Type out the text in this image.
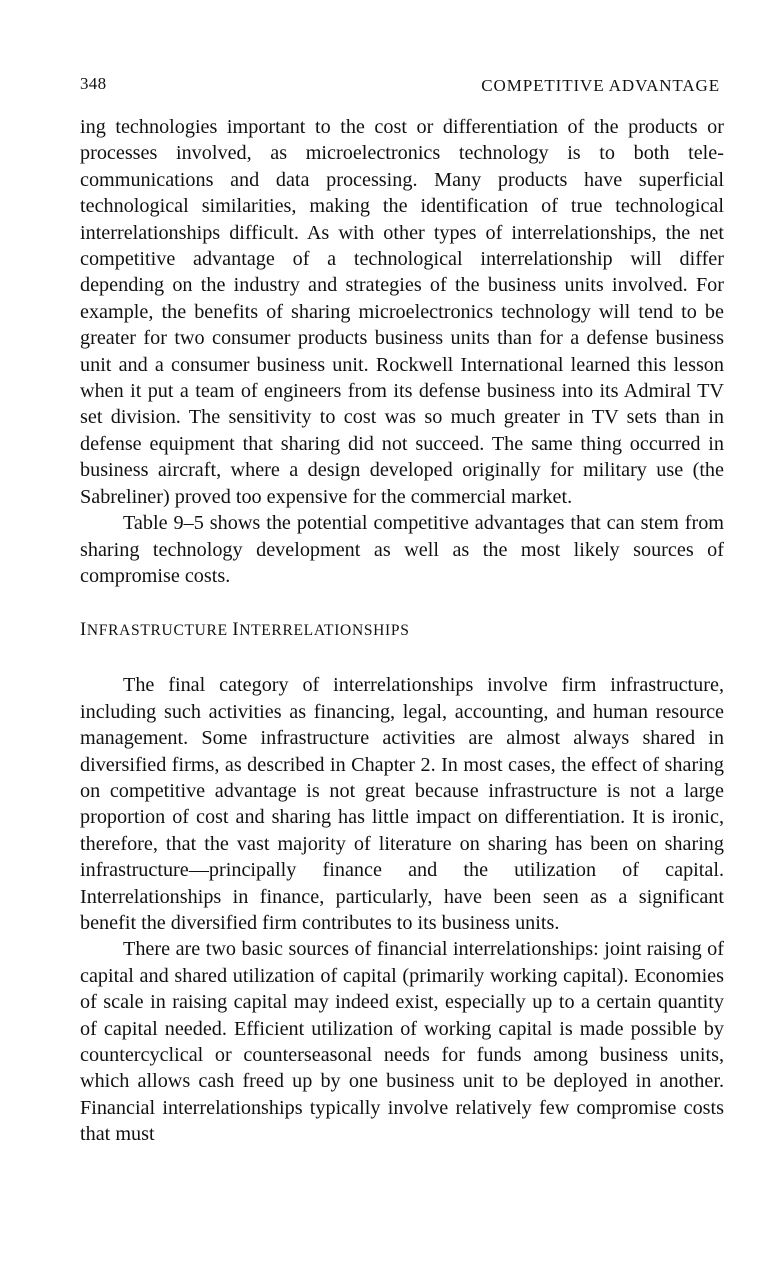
348	COMPETITIVE ADVANTAGE

ing technologies important to the cost or differentiation of the products or processes involved, as microelectronics technology is to both telecommunications and data processing. Many products have superficial technological similarities, making the identification of true technological interrelationships difficult. As with other types of interrelationships, the net competitive advantage of a technological interrelationship will differ depending on the industry and strategies of the business units involved. For example, the benefits of sharing microelectronics technology will tend to be greater for two consumer products business units than for a defense business unit and a consumer business unit. Rockwell International learned this lesson when it put a team of engineers from its defense business into its Admiral TV set division. The sensitivity to cost was so much greater in TV sets than in defense equipment that sharing did not succeed. The same thing occurred in business aircraft, where a design developed originally for military use (the Sabreliner) proved too expensive for the commercial market.

Table 9–5 shows the potential competitive advantages that can stem from sharing technology development as well as the most likely sources of compromise costs.

INFRASTRUCTURE INTERRELATIONSHIPS

The final category of interrelationships involve firm infrastructure, including such activities as financing, legal, accounting, and human resource management. Some infrastructure activities are almost always shared in diversified firms, as described in Chapter 2. In most cases, the effect of sharing on competitive advantage is not great because infrastructure is not a large proportion of cost and sharing has little impact on differentiation. It is ironic, therefore, that the vast majority of literature on sharing has been on sharing infrastructure—principally finance and the utilization of capital. Interrelationships in finance, particularly, have been seen as a significant benefit the diversified firm contributes to its business units.

There are two basic sources of financial interrelationships: joint raising of capital and shared utilization of capital (primarily working capital). Economies of scale in raising capital may indeed exist, especially up to a certain quantity of capital needed. Efficient utilization of working capital is made possible by countercyclical or counterseasonal needs for funds among business units, which allows cash freed up by one business unit to be deployed in another. Financial interrelationships typically involve relatively few compromise costs that must
